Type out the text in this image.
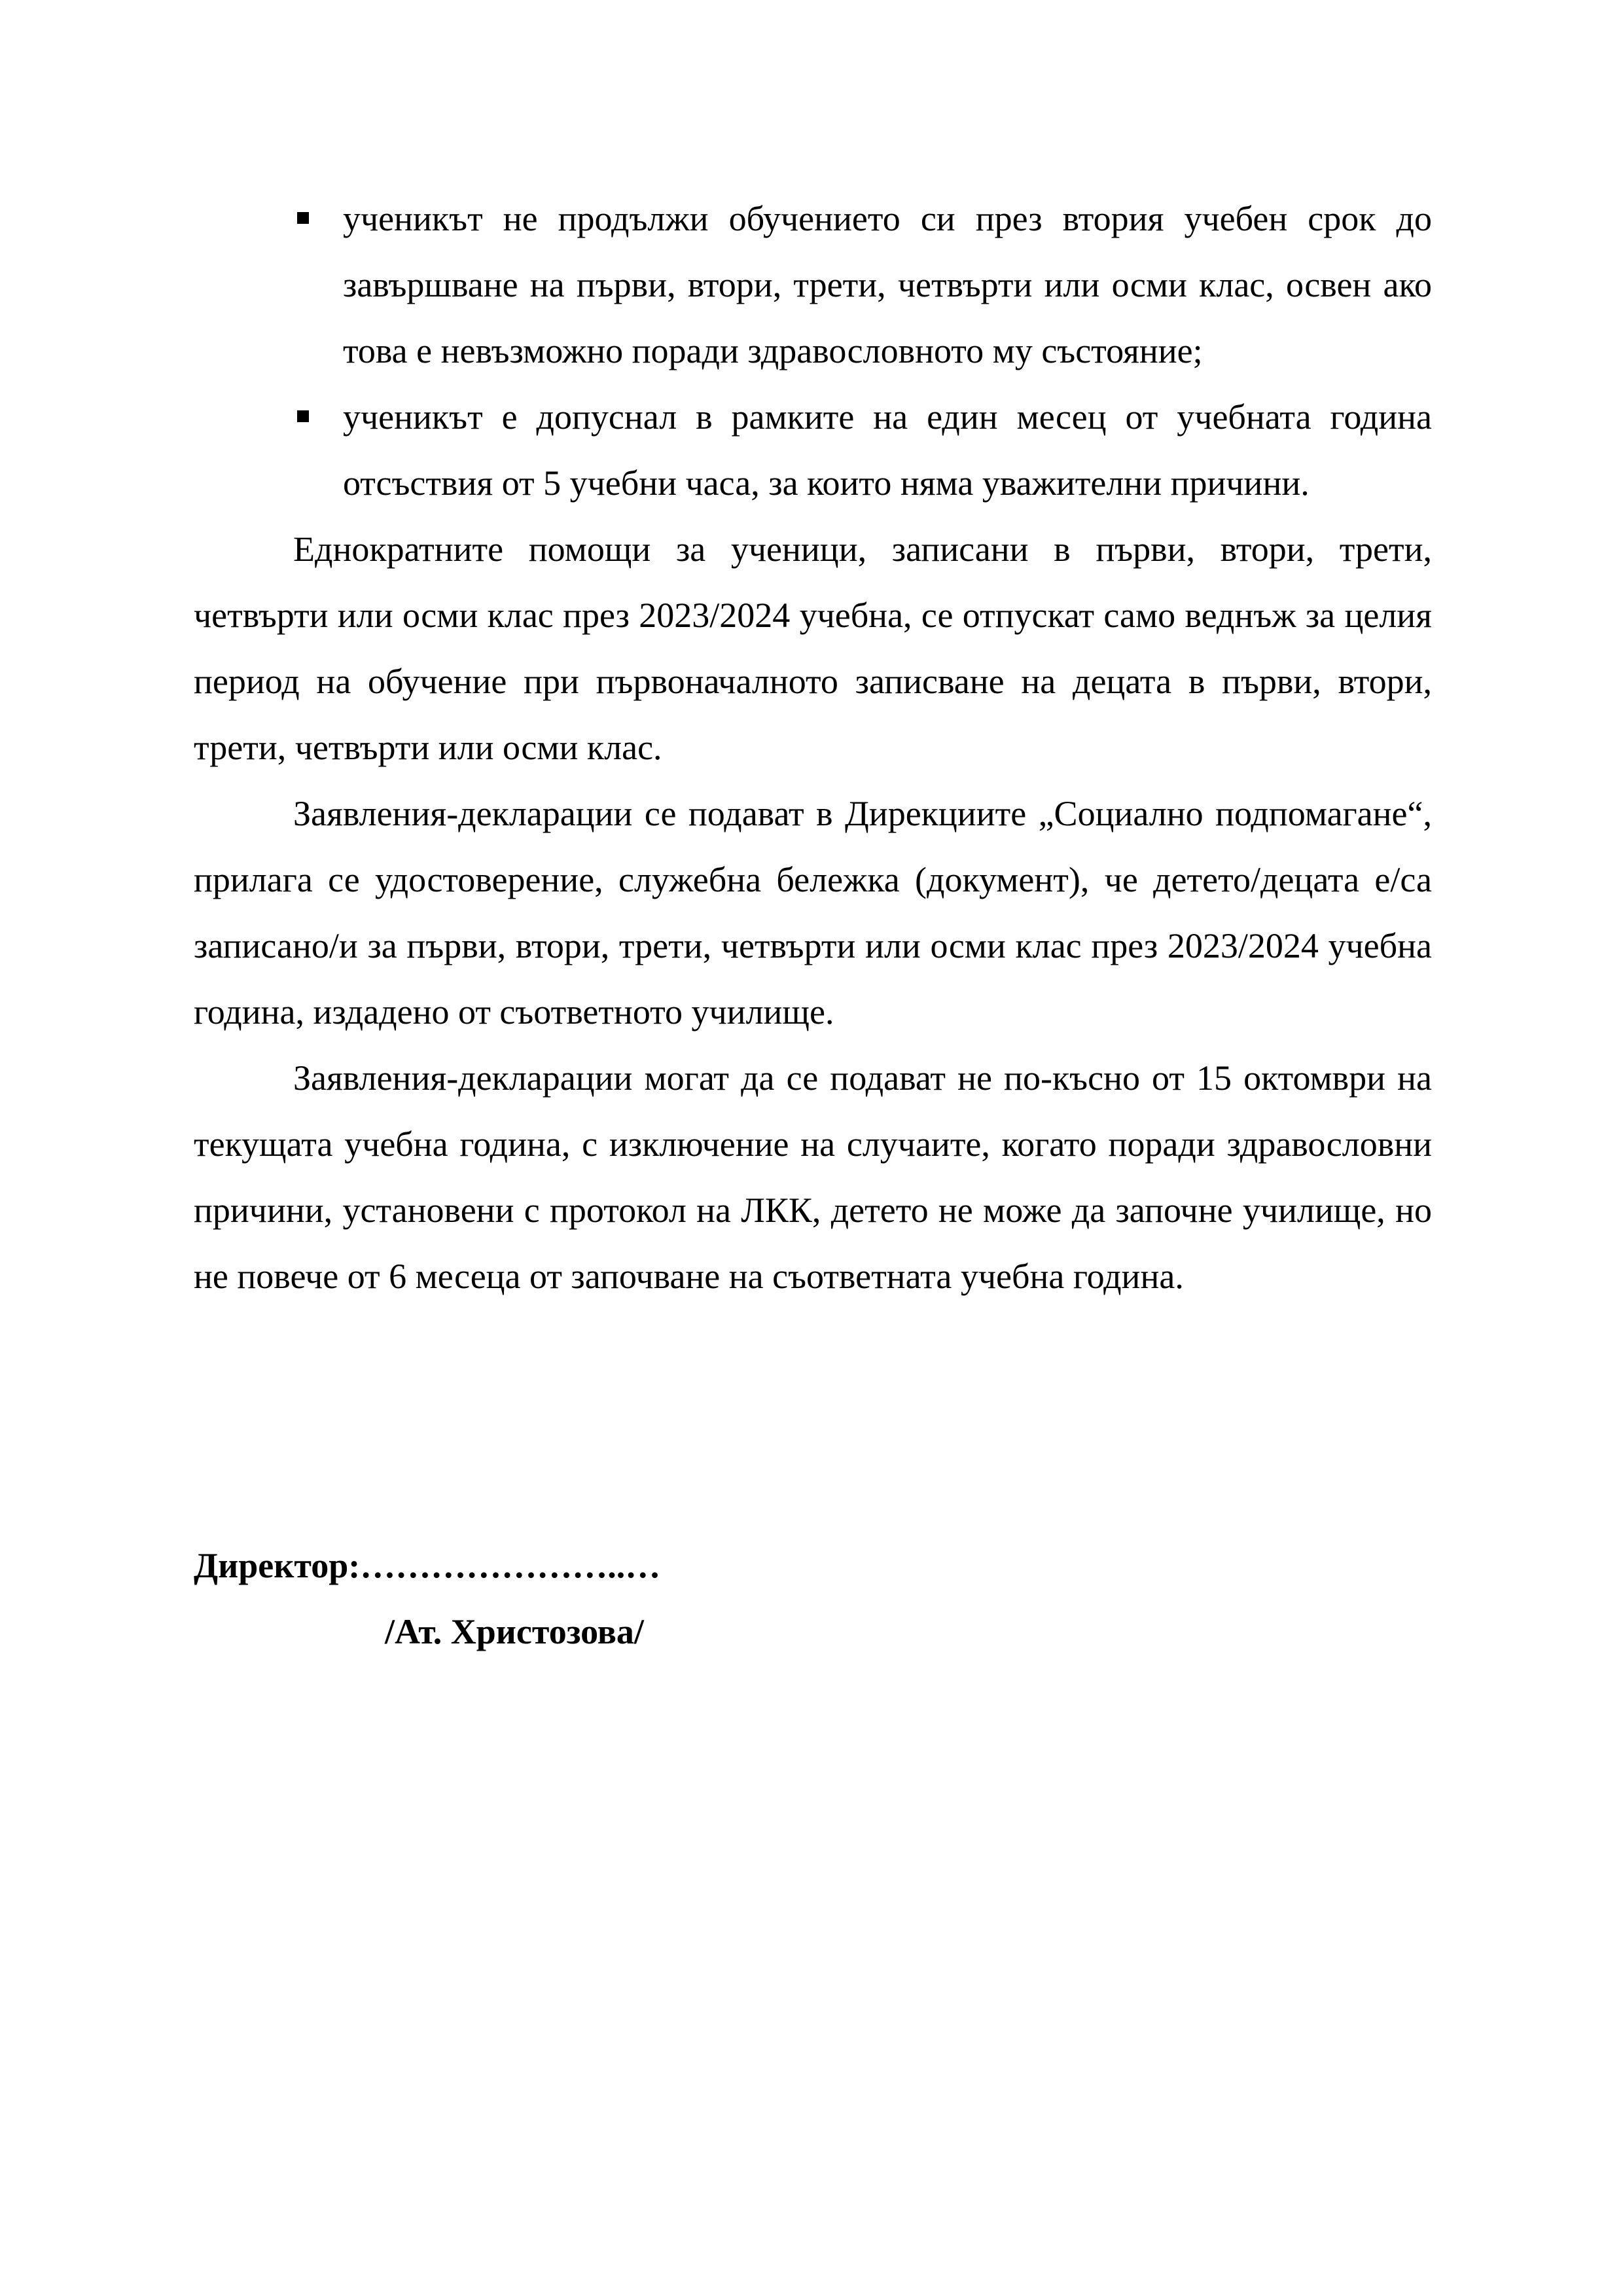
ученикът не продължи обучението си през втория учебен срок до завършване на първи, втори, трети, четвърти или осми клас, освен ако това е невъзможно поради здравословното му състояние;
ученикът е допуснал в рамките на един месец от учебната година отсъствия от 5 учебни часа, за които няма уважителни причини.

Еднократните помощи за ученици, записани в първи, втори, трети, четвърти или осми клас през 2023/2024 учебна, се отпускат само веднъж за целия период на обучение при първоначалното записване на децата в първи, втори, трети, четвърти или осми клас.

Заявления-декларации се подават в Дирекциите „Социално подпомагане“, прилага се удостоверение, служебна бележка (документ), че детето/децата е/са записано/и за първи, втори, трети, четвърти или осми клас през 2023/2024 учебна година, издадено от съответното училище.

Заявления-декларации могат да се подават не по-късно от 15 октомври на текущата учебна година, с изключение на случаите, когато поради здравословни причини, установени с протокол на ЛКК, детето не може да започне училище, но не повече от 6 месеца от започване на съответната учебна година.

Директор:…………………..…

/Ат. Христозова/
